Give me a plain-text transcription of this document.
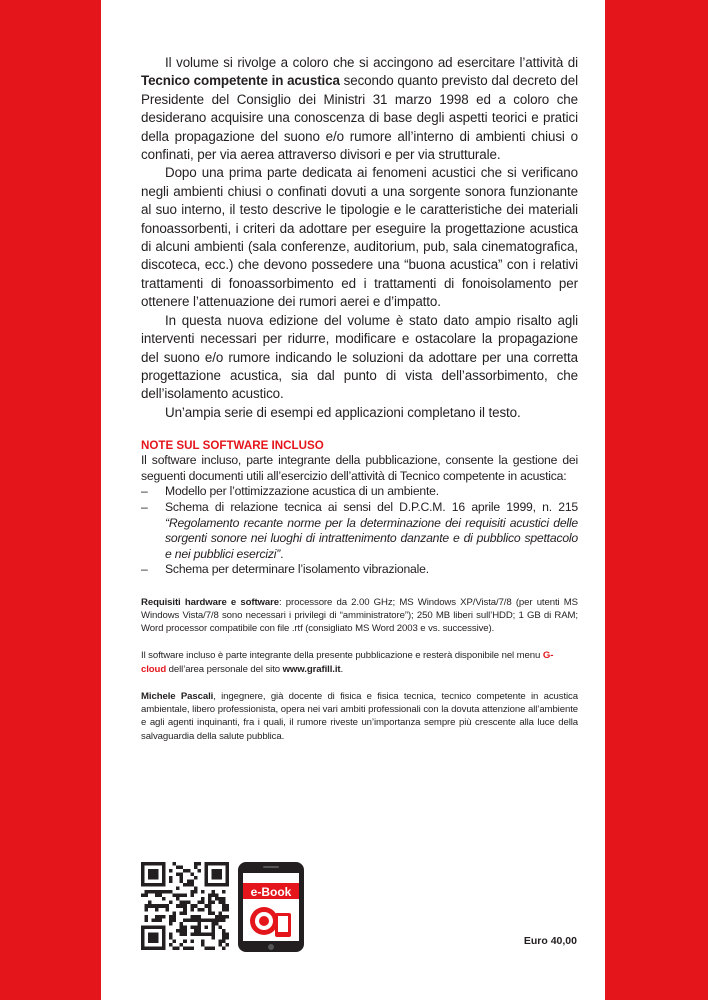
Il volume si rivolge a coloro che si accingono ad esercitare l’attività di Tecnico competente in acustica secondo quanto previsto dal decreto del Presidente del Consiglio dei Ministri 31 marzo 1998 ed a coloro che desiderano acquisire una conoscenza di base degli aspetti teorici e pratici della propagazione del suono e/o rumore all’interno di ambienti chiusi o confinati, per via aerea attraverso divisori e per via strutturale.

Dopo una prima parte dedicata ai fenomeni acustici che si verificano negli ambienti chiusi o confinati dovuti a una sorgente sonora funzionante al suo interno, il testo descrive le tipologie e le caratteristiche dei materiali fonoassorbenti, i criteri da adottare per eseguire la progettazione acustica di alcuni ambienti (sala conferenze, auditorium, pub, sala cinematografica, discoteca, ecc.) che devono possedere una “buona acustica” con i relativi trattamenti di fonoassorbimento ed i trattamenti di fonoisolamento per ottenere l’attenuazione dei rumori aerei e d’impatto.

In questa nuova edizione del volume è stato dato ampio risalto agli interventi necessari per ridurre, modificare e ostacolare la propagazione del suono e/o rumore indicando le soluzioni da adottare per una corretta progettazione acustica, sia dal punto di vista dell’assorbimento, che dell’isolamento acustico.

Un’ampia serie di esempi ed applicazioni completano il testo.

NOTE SUL SOFTWARE INCLUSO
Il software incluso, parte integrante della pubblicazione, consente la gestione dei seguenti documenti utili all’esercizio dell’attività di Tecnico competente in acustica:
– Modello per l’ottimizzazione acustica di un ambiente.
– Schema di relazione tecnica ai sensi del D.P.C.M. 16 aprile 1999, n. 215 “Regolamento recante norme per la determinazione dei requisiti acustici delle sorgenti sonore nei luoghi di intrattenimento danzante e di pubblico spettacolo e nei pubblici esercizi”.
– Schema per determinare l’isolamento vibrazionale.
Requisiti hardware e software: processore da 2.00 GHz; MS Windows XP/Vista/7/8 (per utenti MS Windows Vista/7/8 sono necessari i privilegi di “amministratore”); 250 MB liberi sull’HDD; 1 GB di RAM; Word processor compatibile con file .rtf (consigliato MS Word 2003 e vs. successive).
Il software incluso è parte integrante della presente pubblicazione e resterà disponibile nel menu G-cloud dell’area personale del sito www.grafill.it.
Michele Pascali, ingegnere, già docente di fisica e fisica tecnica, tecnico competente in acustica ambientale, libero professionista, opera nei vari ambiti professionali con la dovuta attenzione all’ambiente e agli agenti inquinanti, fra i quali, il rumore riveste un’importanza sempre più crescente alla luce della salvaguardia della salute pubblica.
e-Book
Euro 40,00
